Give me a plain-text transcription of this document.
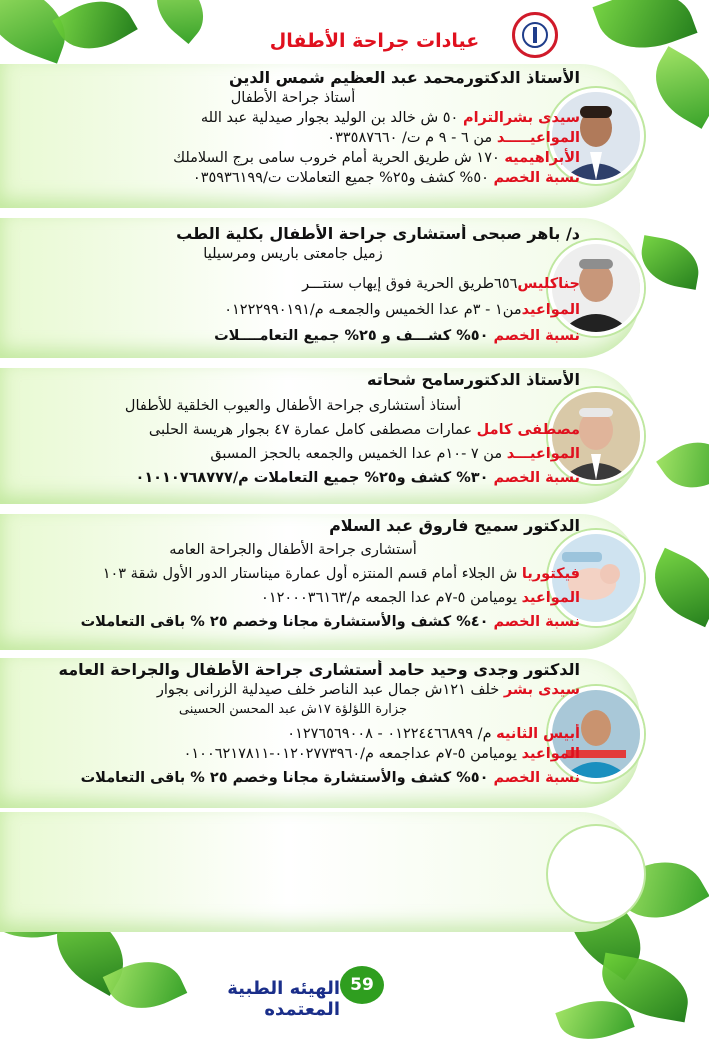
عيادات جراحة الأطفال
الأستاذ الدكتورمحمد عبد العظيم شمس الدين
أستاذ جراحة الأطفال
سيدى بشرالترام ٥٠ ش خالد بن الوليد بجوار صيدلية عبد الله
المواعيـــــد من ٦ - ٩ م ت/ ٠٣٣٥٨٧٦٦٠
الأبراهيميه ١٧٠ ش طريق الحرية أمام خروب سامى برج السلاملك
نسبة الخصم ٥٠% كشف و٢٥% جميع التعاملات ت/٠٣٥٩٣٦١٩٩
د/ باهر صبحى أستشارى جراحة الأطفال بكلية الطب
زميل جامعتى باريس ومرسيليا
جناكليس٦٥٦طريق الحرية فوق إيهاب سنتـــر
المواعيدمن١ - ٣م عدا الخميس والجمعـه م/٠١٢٢٢٩٩٠١٩١
نسبة الخصم ٥٠% كشـــف و ٢٥% جميع التعامــــلات
الأستاذ الدكتورسامح شحاته
أستاذ أستشارى جراحة الأطفال والعيوب الخلقية للأطفال
مصطفى كامل عمارات مصطفى كامل عمارة ٤٧ بجوار هريسة الحلبى
المواعيـــد من ٧ -١٠م عدا الخميس والجمعه بالحجز المسبق
نسبة الخصم ٣٠% كشف و٢٥% جميع التعاملات م/٠١٠١٠٧٦٨٧٧٧
الدكتور سميح فاروق عبد السلام
أستشارى جراحة الأطفال والجراحة العامه
فيكتوريا ش الجلاء أمام قسم المنتزه أول عمارة ميناستار الدور الأول شقة ١٠٣
المواعيد يوميامن ٥-٧م عدا الجمعه م/٠١٢٠٠٠٣٦١٦٣
نسبة الخصم ٤٠% كشف والأستشارة مجانا وخصم ٢٥ % باقى التعاملات
الدكتور وجدى وحيد حامد أستشارى جراحة الأطفال والجراحة العامه
سيدى بشر خلف ١٢١ش جمال عبد الناصر خلف صيدلية الزرانى بجوار
جزارة اللؤلؤة ١٧ش عبد المحسن الحسينى
أبيس الثانيه م/ ٠١٢٢٤٤٦٦٨٩٩ - ٠١٢٧٦٥٦٩٠٠٨
المواعيد يوميامن ٥-٧م عداجمعه م/٠١٢٠٢٧٧٣٩٦٠-٠١٠٠٦٢١٧٨١١
نسبة الخصم ٥٠% كشف والأستشارة مجانا وخصم ٢٥ % باقى التعاملات
الهيئه الطبية المعتمده
59
